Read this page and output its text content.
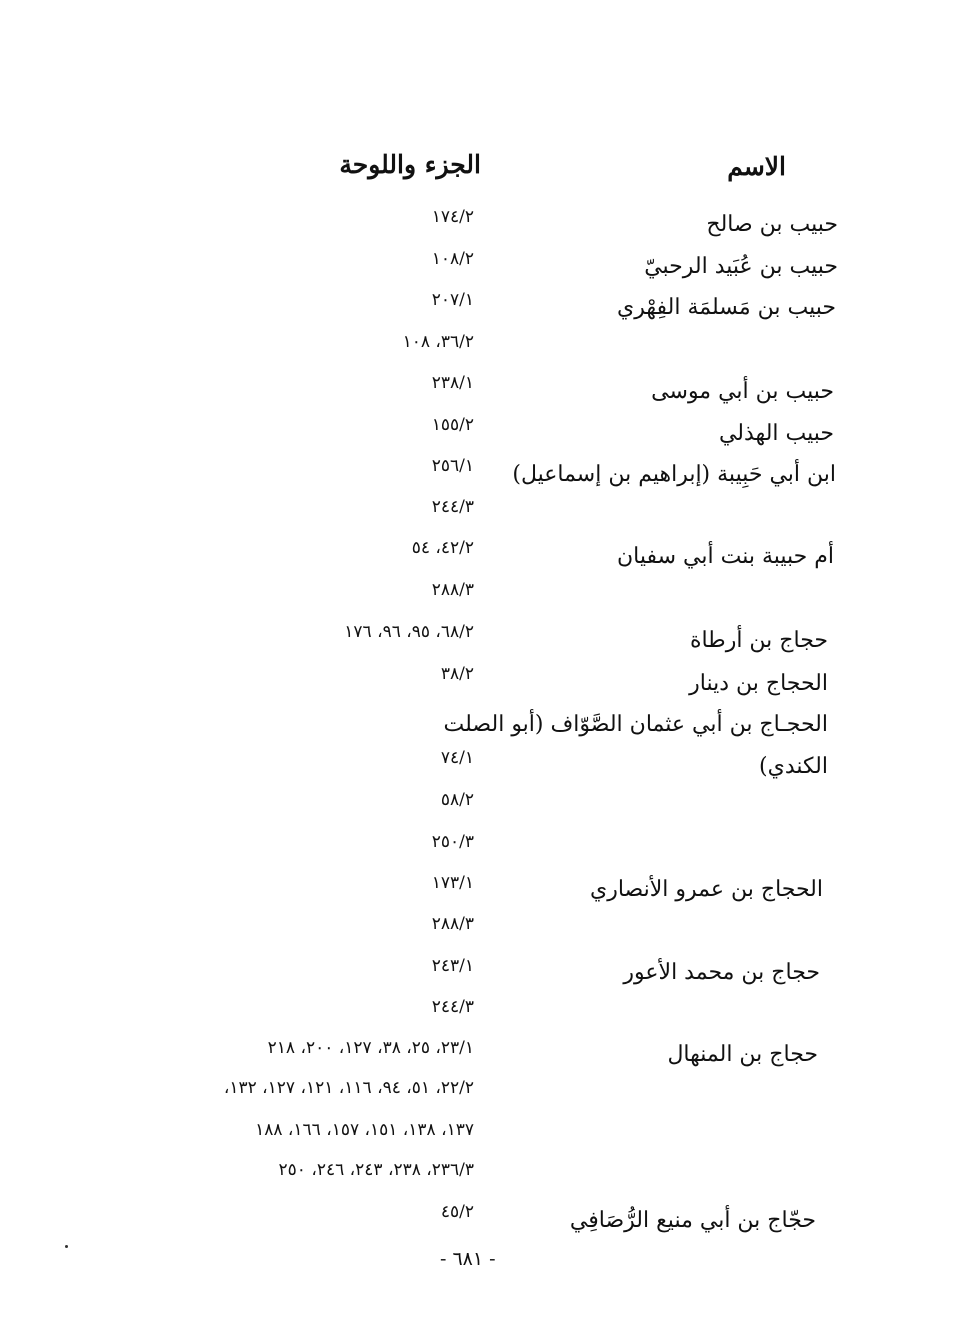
الاسم
الجزء واللوحة
حبيب بن صالح
حبيب بن عُبَيد الرحبيّ
حبيب بن مَسلمَة الفِهْري
حبيب بن أبي موسى
حبيب الهذلي
ابن أبي حَبِيبة (إبراهيم بن إسماعيل)
أم حبيبة بنت أبي سفيان
حجاج بن أرطاة
الحجاج بن دينار
الحجـاج بن أبي عثمان الصَّوّاف (أبو الصلت
الكندي)
الحجاج بن عمرو الأنصاري
حجاج بن محمد الأعور
حجاج بن المنهال
حجّاج بن أبي منيع الرُّصَافِي
١٧٤/٢
١٠٨/٢
٢٠٧/١
٣٦/٢، ١٠٨
٢٣٨/١
١٥٥/٢
٢٥٦/١
٢٤٤/٣
٤٢/٢، ٥٤
٢٨٨/٣
٦٨/٢، ٩٥، ٩٦، ١٧٦
٣٨/٢
٧٤/١
٥٨/٢
٢٥٠/٣
١٧٣/١
٢٨٨/٣
٢٤٣/١
٢٤٤/٣
٢٣/١، ٢٥، ٣٨، ١٢٧، ٢٠٠، ٢١٨
٢٢/٢، ٥١، ٩٤، ١١٦، ١٢١، ١٢٧، ١٣٢،
١٣٧، ١٣٨، ١٥١، ١٥٧، ١٦٦، ١٨٨
٢٣٦/٣، ٢٣٨، ٢٤٣، ٢٤٦، ٢٥٠
٤٥/٢
- ٦٨١ -
